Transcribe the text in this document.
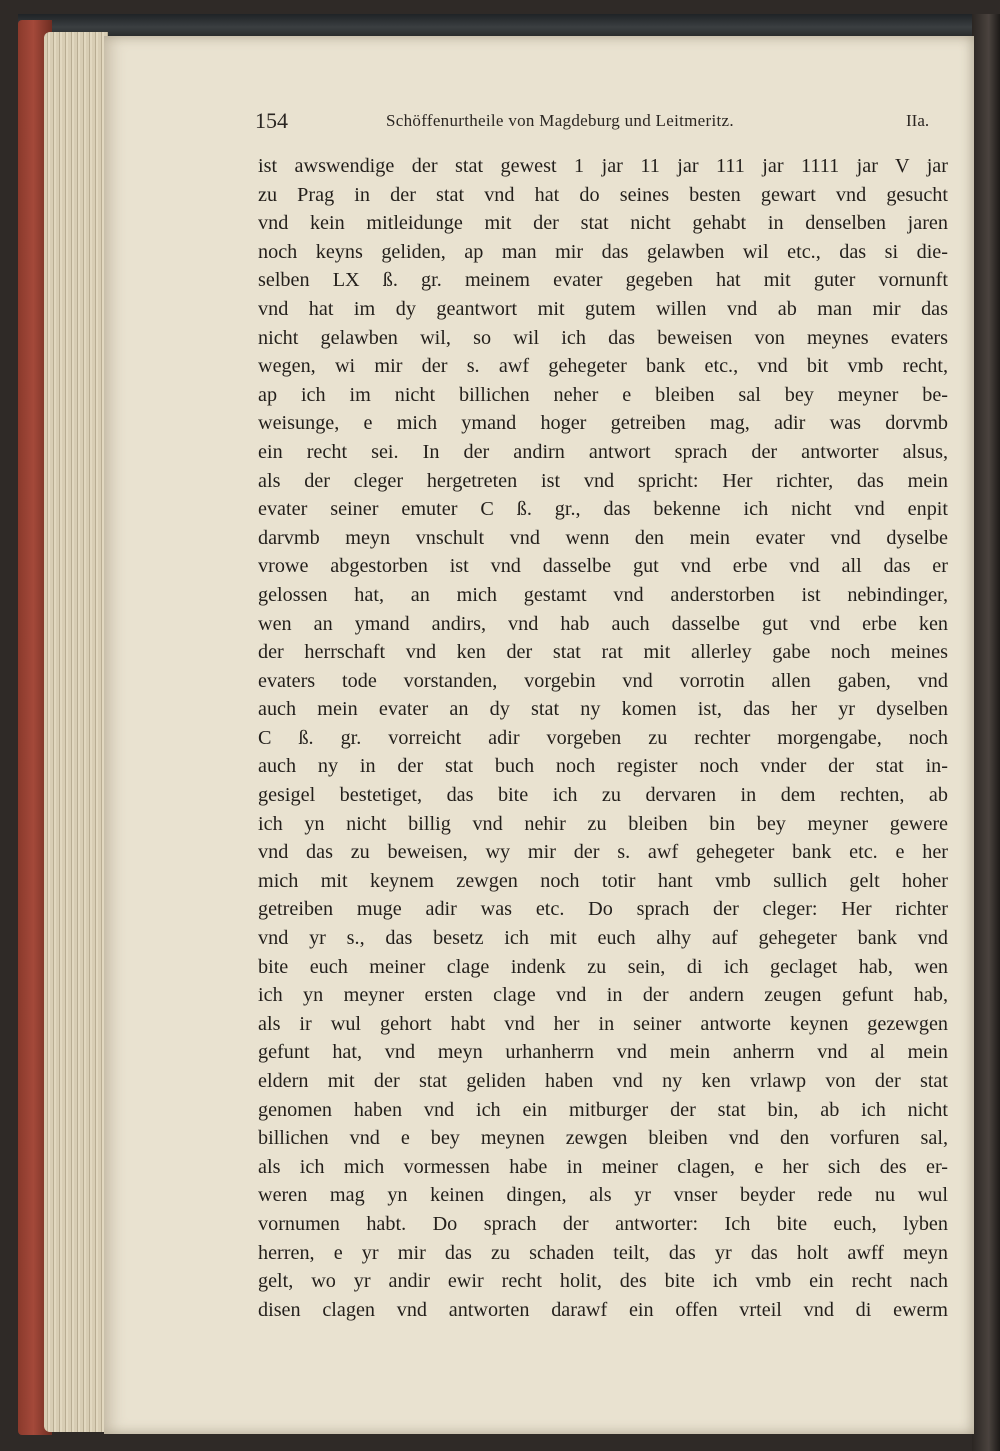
154	Schöffenurtheile von Magdeburg und Leitmeritz.	IIa.
ist awswendige der stat gewest 1 jar 11 jar 111 jar 1111 jar V jar
zu Prag in der stat vnd hat do seines besten gewart vnd gesucht
vnd kein mitleidunge mit der stat nicht gehabt in denselben jaren
noch keyns geliden, ap man mir das gelawben wil etc., das si die-
selben LX ß. gr. meinem evater gegeben hat mit guter vornunft
vnd hat im dy geantwort mit gutem willen vnd ab man mir das
nicht gelawben wil, so wil ich das beweisen von meynes evaters
wegen, wi mir der s. awf gehegeter bank etc., vnd bit vmb recht,
ap ich im nicht billichen neher e bleiben sal bey meyner be-
weisunge, e mich ymand hoger getreiben mag, adir was dorvmb
ein recht sei. In der andirn antwort sprach der antworter alsus,
als der cleger hergetreten ist vnd spricht: Her richter, das mein
evater seiner emuter C ß. gr., das bekenne ich nicht vnd enpit
darvmb meyn vnschult vnd wenn den mein evater vnd dyselbe
vrowe abgestorben ist vnd dasselbe gut vnd erbe vnd all das er
gelossen hat, an mich gestamt vnd anderstorben ist nebindinger,
wen an ymand andirs, vnd hab auch dasselbe gut vnd erbe ken
der herrschaft vnd ken der stat rat mit allerley gabe noch meines
evaters tode vorstanden, vorgebin vnd vorrotin allen gaben, vnd
auch mein evater an dy stat ny komen ist, das her yr dyselben
C ß. gr. vorreicht adir vorgeben zu rechter morgengabe, noch
auch ny in der stat buch noch register noch vnder der stat in-
gesigel bestetiget, das bite ich zu dervaren in dem rechten, ab
ich yn nicht billig vnd nehir zu bleiben bin bey meyner gewere
vnd das zu beweisen, wy mir der s. awf gehegeter bank etc. e her
mich mit keynem zewgen noch totir hant vmb sullich gelt hoher
getreiben muge adir was etc. Do sprach der cleger: Her richter
vnd yr s., das besetz ich mit euch alhy auf gehegeter bank vnd
bite euch meiner clage indenk zu sein, di ich geclaget hab, wen
ich yn meyner ersten clage vnd in der andern zeugen gefunt hab,
als ir wul gehort habt vnd her in seiner antworte keynen gezewgen
gefunt hat, vnd meyn urhanherrn vnd mein anherrn vnd al mein
eldern mit der stat geliden haben vnd ny ken vrlawp von der stat
genomen haben vnd ich ein mitburger der stat bin, ab ich nicht
billichen vnd e bey meynen zewgen bleiben vnd den vorfuren sal,
als ich mich vormessen habe in meiner clagen, e her sich des er-
weren mag yn keinen dingen, als yr vnser beyder rede nu wul
vornumen habt. Do sprach der antworter: Ich bite euch, lyben
herren, e yr mir das zu schaden teilt, das yr das holt awff meyn
gelt, wo yr andir ewir recht holit, des bite ich vmb ein recht nach
disen clagen vnd antworten darawf ein offen vrteil vnd di ewerm
